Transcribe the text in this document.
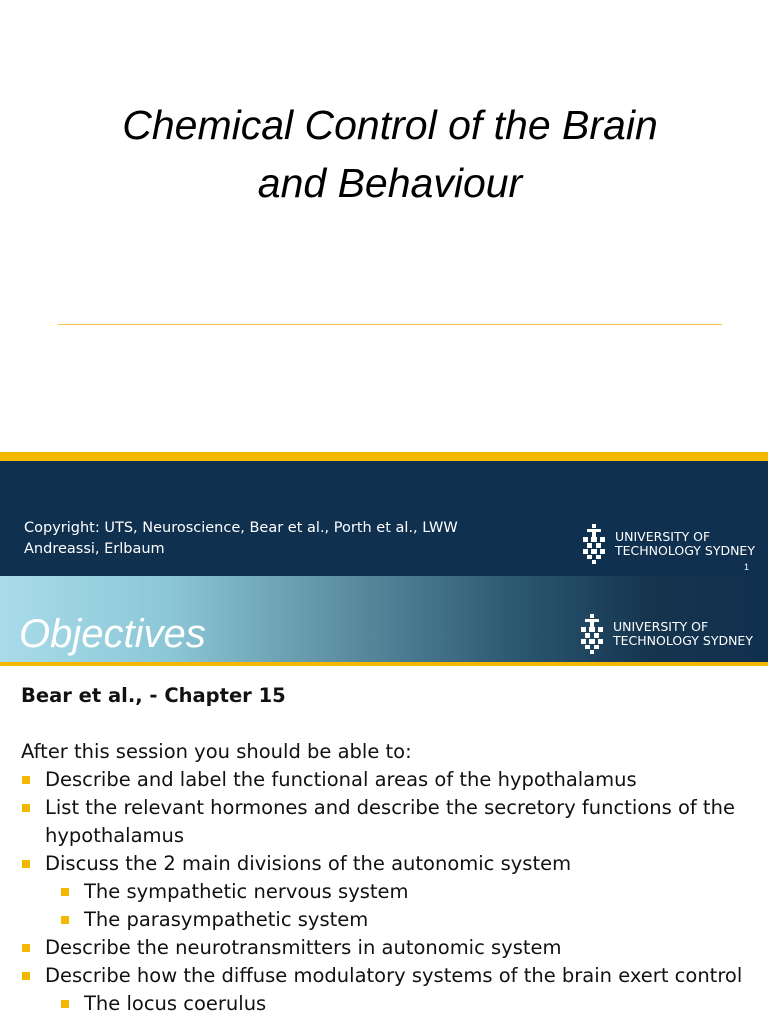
Chemical Control of the Brain
and Behaviour
Copyright: UTS, Neuroscience, Bear et al., Porth et al., LWW
Andreassi, Erlbaum
UNIVERSITY OF
TECHNOLOGY SYDNEY
1
Objectives	UNIVERSITY OF
TECHNOLOGY SYDNEY
Bear et al., - Chapter 15
After this session you should be able to:
Describe and label the functional areas of the hypothalamus
List the relevant hormones and describe the secretory functions of the
hypothalamus
Discuss the 2 main divisions of the autonomic system
The sympathetic nervous system
The parasympathetic system
Describe the neurotransmitters in autonomic system
Describe how the diffuse modulatory systems of the brain exert control
The locus coerulus
